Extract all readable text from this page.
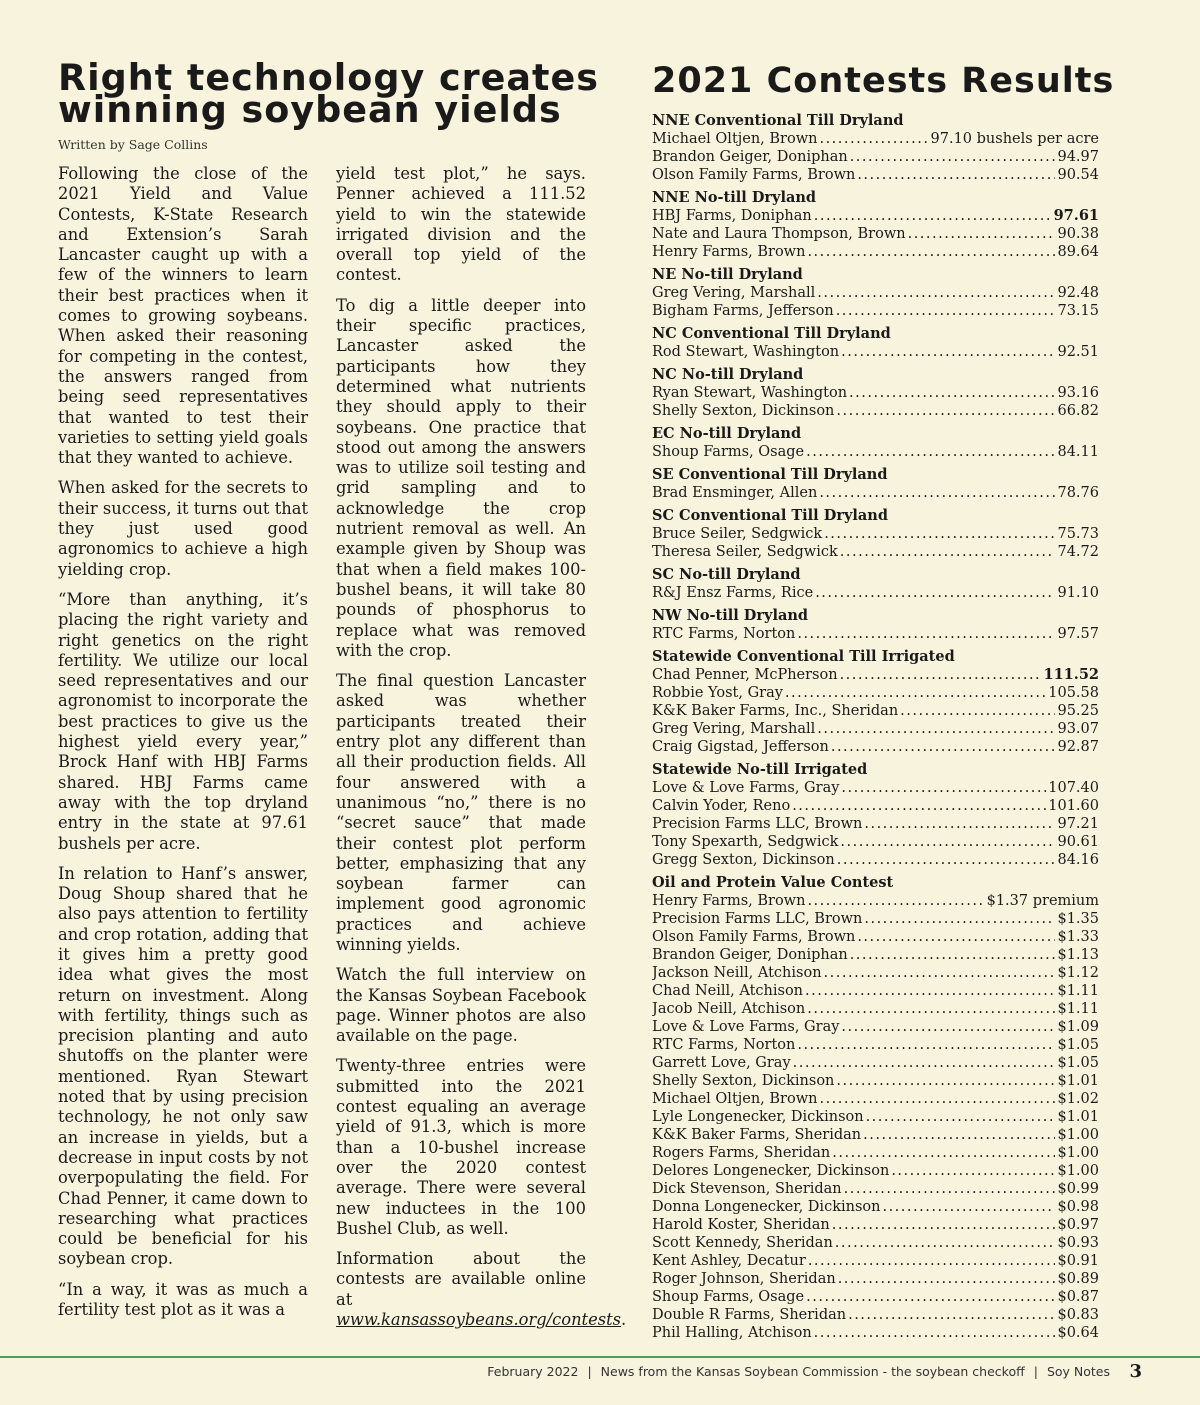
Right technology creates
winning soybean yields
Written by Sage Collins

Following the close of the 2021 Yield and Value Contests, K-State Research and Extension’s Sarah Lancaster caught up with a few of the winners to learn their best practices when it comes to growing soybeans. When asked their reasoning for competing in the contest, the answers ranged from being seed representatives that wanted to test their varieties to setting yield goals that they wanted to achieve.

When asked for the secrets to their success, it turns out that they just used good agronomics to achieve a high yielding crop.

“More than anything, it’s placing the right variety and right genetics on the right fertility. We utilize our local seed representatives and our agronomist to incorporate the best practices to give us the highest yield every year,” Brock Hanf with HBJ Farms shared. HBJ Farms came away with the top dryland entry in the state at 97.61 bushels per acre.

In relation to Hanf’s answer, Doug Shoup shared that he also pays attention to fertility and crop rotation, adding that it gives him a pretty good idea what gives the most return on investment. Along with fertility, things such as precision planting and auto shutoffs on the planter were mentioned. Ryan Stewart noted that by using precision technology, he not only saw an increase in yields, but a decrease in input costs by not overpopulating the field. For Chad Penner, it came down to researching what practices could be beneficial for his soybean crop.

“In a way, it was as much a fertility test plot as it was a

yield test plot,” he says. Penner achieved a 111.52 yield to win the statewide irrigated division and the overall top yield of the contest.

To dig a little deeper into their specific practices, Lancaster asked the participants how they determined what nutrients they should apply to their soybeans. One practice that stood out among the answers was to utilize soil testing and grid sampling and to acknowledge the crop nutrient removal as well. An example given by Shoup was that when a field makes 100-bushel beans, it will take 80 pounds of phosphorus to replace what was removed with the crop.

The final question Lancaster asked was whether participants treated their entry plot any different than all their production fields. All four answered with a unanimous “no,” there is no “secret sauce” that made their contest plot perform better, emphasizing that any soybean farmer can implement good agronomic practices and achieve winning yields.

Watch the full interview on the Kansas Soybean Facebook page. Winner photos are also available on the page.

Twenty-three entries were submitted into the 2021 contest equaling an average yield of 91.3, which is more than a 10-bushel increase over the 2020 contest average. There were several new inductees in the 100 Bushel Club, as well.

Information about the contests are available online at www.kansassoybeans.org/contests.

2021 Contests Results
NNE Conventional Till Dryland
Michael Oltjen, Brown .....	97.10 bushels per acre
Brandon Geiger, Doniphan .....	94.97
Olson Family Farms, Brown .....	90.54
NNE No-till Dryland
HBJ Farms, Doniphan .....	97.61
Nate and Laura Thompson, Brown .....	90.38
Henry Farms, Brown .....	89.64
NE No-till Dryland
Greg Vering, Marshall .....	92.48
Bigham Farms, Jefferson .....	73.15
NC Conventional Till Dryland
Rod Stewart, Washington .....	92.51
NC No-till Dryland
Ryan Stewart, Washington .....	93.16
Shelly Sexton, Dickinson .....	66.82
EC No-till Dryland
Shoup Farms, Osage .....	84.11
SE Conventional Till Dryland
Brad Ensminger, Allen .....	78.76
SC Conventional Till Dryland
Bruce Seiler, Sedgwick .....	75.73
Theresa Seiler, Sedgwick .....	74.72
SC No-till Dryland
R&J Ensz Farms, Rice .....	91.10
NW No-till Dryland
RTC Farms, Norton .....	97.57
Statewide Conventional Till Irrigated
Chad Penner, McPherson .....	111.52
Robbie Yost, Gray .....	105.58
K&K Baker Farms, Inc., Sheridan .....	95.25
Greg Vering, Marshall .....	93.07
Craig Gigstad, Jefferson .....	92.87
Statewide No-till Irrigated
Love & Love Farms, Gray .....	107.40
Calvin Yoder, Reno .....	101.60
Precision Farms LLC, Brown .....	97.21
Tony Spexarth, Sedgwick .....	90.61
Gregg Sexton, Dickinson .....	84.16
Oil and Protein Value Contest
Henry Farms, Brown .....	$1.37 premium
Precision Farms LLC, Brown .....	$1.35
Olson Family Farms, Brown .....	$1.33
Brandon Geiger, Doniphan .....	$1.13
Jackson Neill, Atchison .....	$1.12
Chad Neill, Atchison .....	$1.11
Jacob Neill, Atchison .....	$1.11
Love & Love Farms, Gray .....	$1.09
RTC Farms, Norton .....	$1.05
Garrett Love, Gray .....	$1.05
Shelly Sexton, Dickinson .....	$1.01
Michael Oltjen, Brown .....	$1.02
Lyle Longenecker, Dickinson .....	$1.01
K&K Baker Farms, Sheridan .....	$1.00
Rogers Farms, Sheridan .....	$1.00
Delores Longenecker, Dickinson .....	$1.00
Dick Stevenson, Sheridan .....	$0.99
Donna Longenecker, Dickinson .....	$0.98
Harold Koster, Sheridan .....	$0.97
Scott Kennedy, Sheridan .....	$0.93
Kent Ashley, Decatur .....	$0.91
Roger Johnson, Sheridan .....	$0.89
Shoup Farms, Osage .....	$0.87
Double R Farms, Sheridan .....	$0.83
Phil Halling, Atchison .....	$0.64
February 2022 | News from the Kansas Soybean Commission - the soybean checkoff | Soy Notes 3
